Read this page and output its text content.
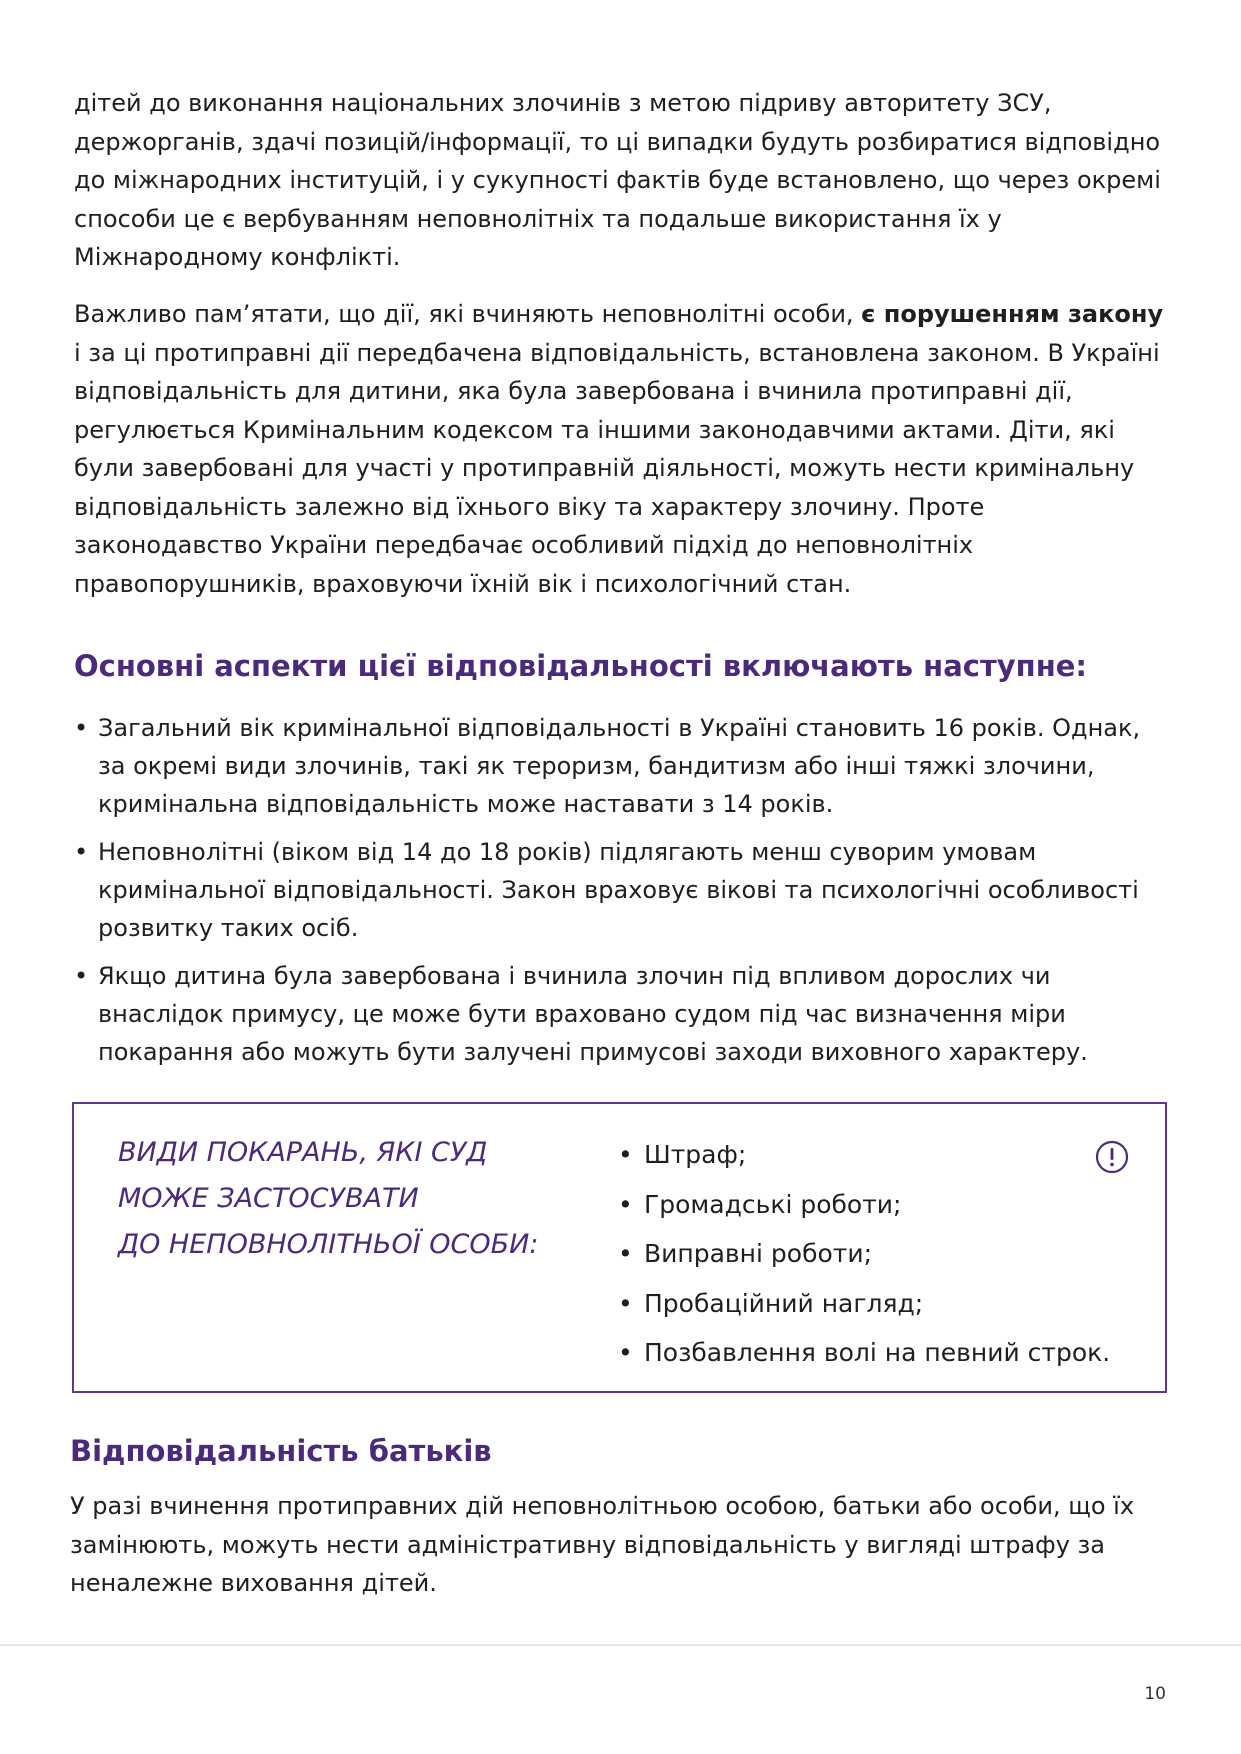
дітей до виконання національних злочинів з метою підриву авторитету ЗСУ, держорганів, здачі позицій/інформації, то ці випадки будуть розбиратися відповідно до міжнародних інституцій, і у сукупності фактів буде встановлено, що через окремі способи це є вербуванням неповнолітніх та подальше використання їх у Міжнародному конфлікті.

Важливо пам’ятати, що дії, які вчиняють неповнолітні особи, є порушенням закону і за ці протиправні дії передбачена відповідальність, встановлена законом. В Україні відповідальність для дитини, яка була завербована і вчинила протиправні дії, регулюється Кримінальним кодексом та іншими законодавчими актами. Діти, які були завербовані для участі у протиправній діяльності, можуть нести кримінальну відповідальність залежно від їхнього віку та характеру злочину. Проте законодавство України передбачає особливий підхід до неповнолітніх правопорушників, враховуючи їхній вік і психологічний стан.

Основні аспекти цієї відповідальності включають наступне:
• Загальний вік кримінальної відповідальності в Україні становить 16 років. Однак, за окремі види злочинів, такі як тероризм, бандитизм або інші тяжкі злочини, кримінальна відповідальність може наставати з 14 років.
• Неповнолітні (віком від 14 до 18 років) підлягають менш суворим умовам кримінальної відповідальності. Закон враховує вікові та психологічні особливості розвитку таких осіб.
• Якщо дитина була завербована і вчинила злочин під впливом дорослих чи внаслідок примусу, це може бути враховано судом під час визначення міри покарання або можуть бути залучені примусові заходи виховного характеру.
ВИДИ ПОКАРАНЬ, ЯКІ СУД
МОЖЕ ЗАСТОСУВАТИ
ДО НЕПОВНОЛІТНЬОЇ ОСОБИ:
• Штраф;
• Громадські роботи;
• Виправні роботи;
• Пробаційний нагляд;
• Позбавлення волі на певний строк.
Відповідальність батьків

У разі вчинення протиправних дій неповнолітньою особою, батьки або особи, що їх замінюють, можуть нести адміністративну відповідальність у вигляді штрафу за неналежне виховання дітей.

10
